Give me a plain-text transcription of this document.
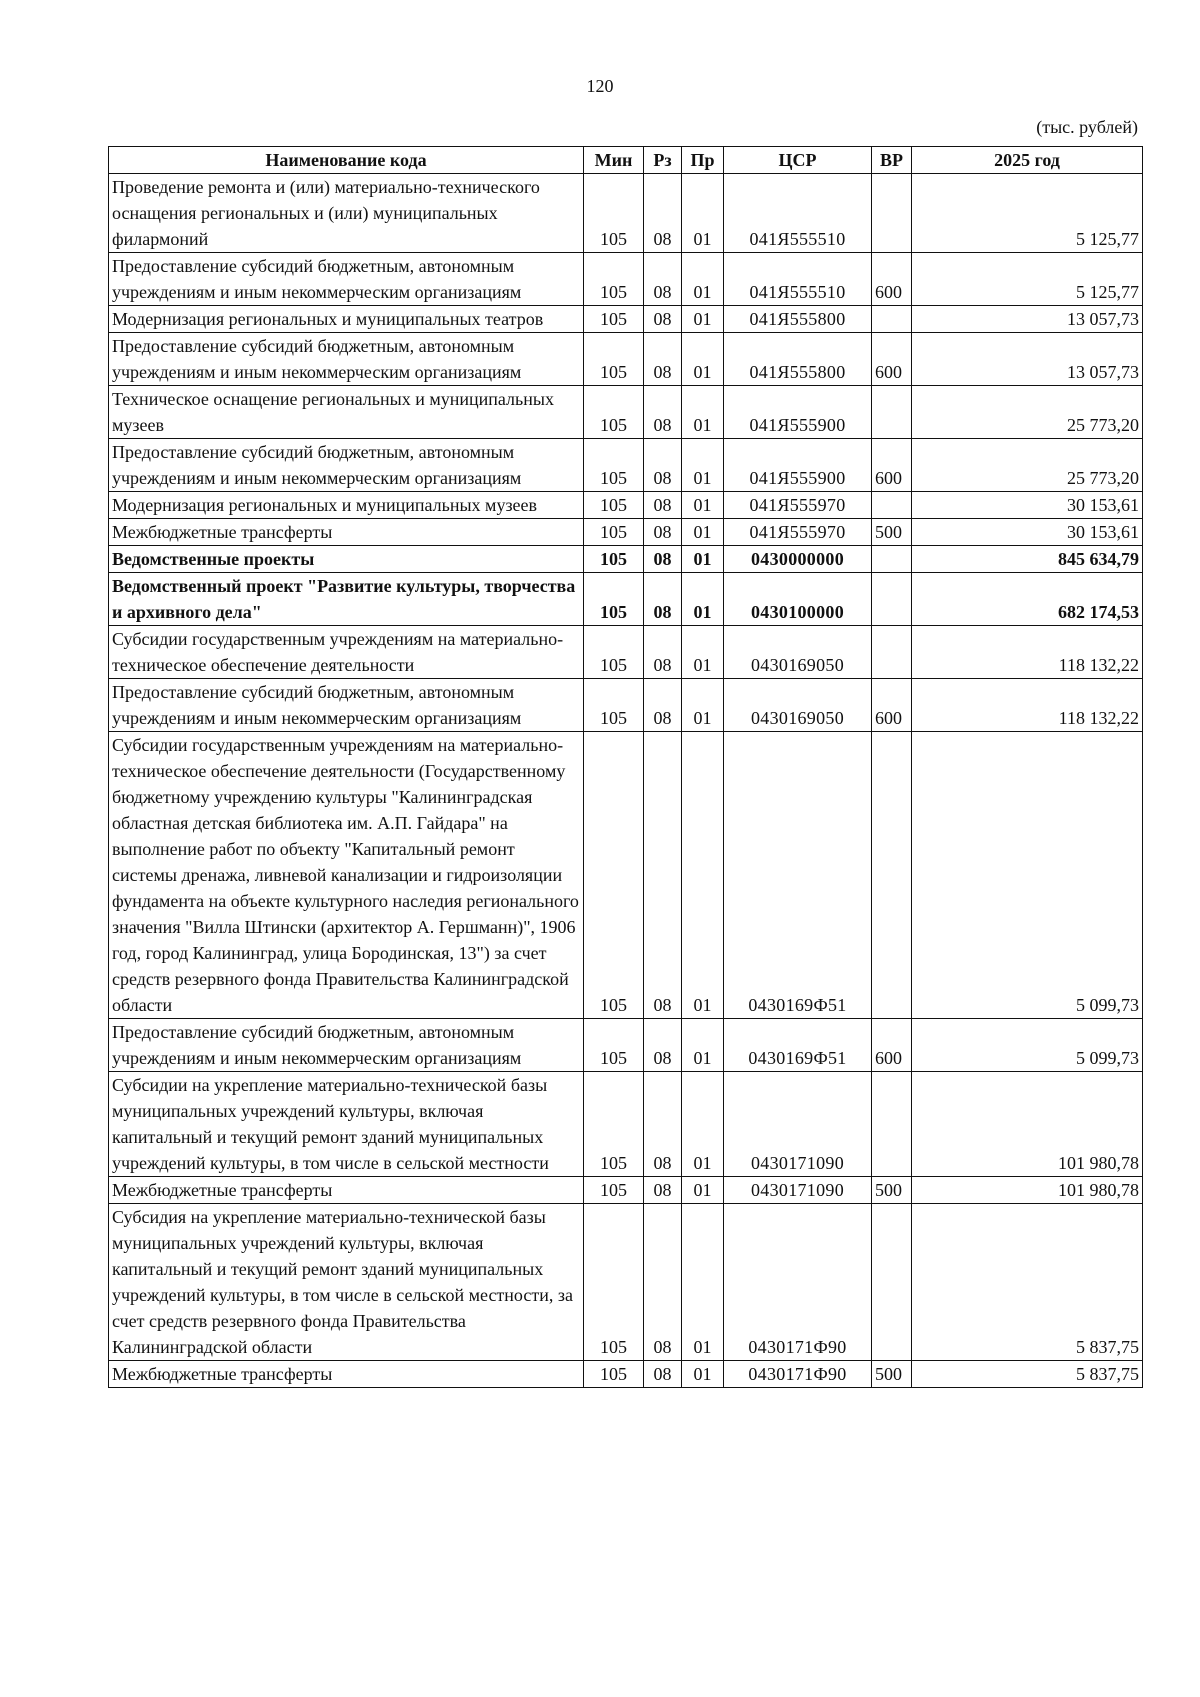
120
(тыс. рублей)
Наименование кода	Мин	Рз	Пр	ЦСР	ВР	2025 год
Проведение ремонта и (или) материально-технического оснащения региональных и (или) муниципальных филармоний	105	08	01	041Я555510		5 125,77
Предоставление субсидий бюджетным, автономным учреждениям и иным некоммерческим организациям	105	08	01	041Я555510	600	5 125,77
Модернизация региональных и муниципальных театров	105	08	01	041Я555800		13 057,73
Предоставление субсидий бюджетным, автономным учреждениям и иным некоммерческим организациям	105	08	01	041Я555800	600	13 057,73
Техническое оснащение региональных и муниципальных музеев	105	08	01	041Я555900		25 773,20
Предоставление субсидий бюджетным, автономным учреждениям и иным некоммерческим организациям	105	08	01	041Я555900	600	25 773,20
Модернизация региональных и муниципальных музеев	105	08	01	041Я555970		30 153,61
Межбюджетные трансферты	105	08	01	041Я555970	500	30 153,61
Ведомственные проекты	105	08	01	0430000000		845 634,79
Ведомственный проект "Развитие культуры, творчества и архивного дела"	105	08	01	0430100000		682 174,53
Субсидии государственным учреждениям на материально-техническое обеспечение деятельности	105	08	01	0430169050		118 132,22
Предоставление субсидий бюджетным, автономным учреждениям и иным некоммерческим организациям	105	08	01	0430169050	600	118 132,22
Субсидии государственным учреждениям на материально-техническое обеспечение деятельности (Государственному бюджетному учреждению культуры "Калининградская областная детская библиотека им. А.П. Гайдара" на выполнение работ по объекту "Капитальный ремонт системы дренажа, ливневой канализации и гидроизоляции фундамента на объекте культурного наследия регионального значения "Вилла Штински (архитектор А. Гершманн)", 1906 год, город Калининград, улица Бородинская, 13") за счет средств резервного фонда Правительства Калининградской области	105	08	01	0430169Ф51		5 099,73
Предоставление субсидий бюджетным, автономным учреждениям и иным некоммерческим организациям	105	08	01	0430169Ф51	600	5 099,73
Субсидии на укрепление материально-технической базы муниципальных учреждений культуры, включая капитальный и текущий ремонт зданий муниципальных учреждений культуры, в том числе в сельской местности	105	08	01	0430171090		101 980,78
Межбюджетные трансферты	105	08	01	0430171090	500	101 980,78
Субсидия на укрепление материально-технической базы муниципальных учреждений культуры, включая капитальный и текущий ремонт зданий муниципальных учреждений культуры, в том числе в сельской местности, за счет средств резервного фонда Правительства Калининградской области	105	08	01	0430171Ф90		5 837,75
Межбюджетные трансферты	105	08	01	0430171Ф90	500	5 837,75
